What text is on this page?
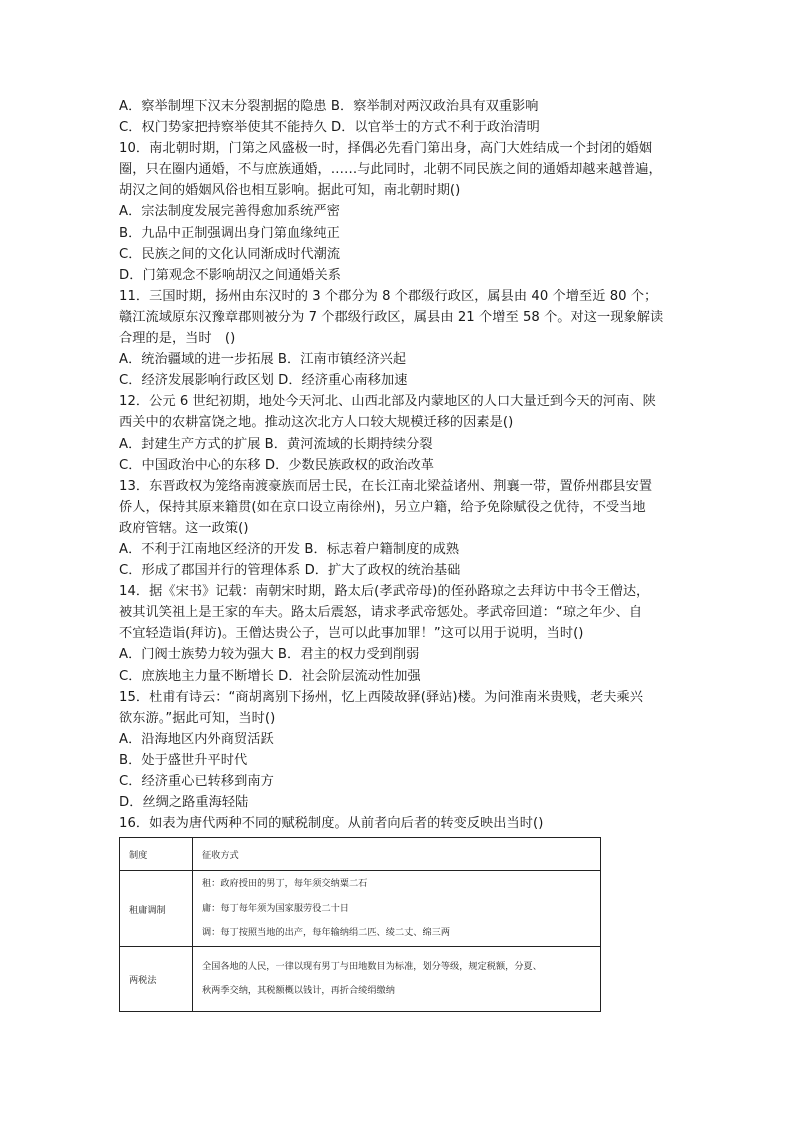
A．察举制埋下汉末分裂割据的隐患 B．察举制对两汉政治具有双重影响
C．权门势家把持察举使其不能持久 D．以官举士的方式不利于政治清明
10．南北朝时期，门第之风盛极一时，择偶必先看门第出身，高门大姓结成一个封闭的婚姻
圈，只在圈内通婚，不与庶族通婚，……与此同时，北朝不同民族之间的通婚却越来越普遍，
胡汉之间的婚姻风俗也相互影响。据此可知，南北朝时期()
A．宗法制度发展完善得愈加系统严密
B．九品中正制强调出身门第血缘纯正
C．民族之间的文化认同渐成时代潮流
D．门第观念不影响胡汉之间通婚关系
11．三国时期，扬州由东汉时的 3 个郡分为 8 个郡级行政区，属县由 40 个增至近 80 个；
赣江流域原东汉豫章郡则被分为 7 个郡级行政区，属县由 21 个增至 58 个。对这一现象解读
合理的是，当时　()
A．统治疆域的进一步拓展 B．江南市镇经济兴起
C．经济发展影响行政区划 D．经济重心南移加速
12．公元 6 世纪初期，地处今天河北、山西北部及内蒙地区的人口大量迁到今天的河南、陕
西关中的农耕富饶之地。推动这次北方人口较大规模迁移的因素是()
A．封建生产方式的扩展 B．黄河流域的长期持续分裂
C．中国政治中心的东移 D．少数民族政权的政治改革
13．东晋政权为笼络南渡豪族而居士民，在长江南北梁益诸州、荆襄一带，置侨州郡县安置
侨人，保持其原来籍贯(如在京口设立南徐州)，另立户籍，给予免除赋役之优待，不受当地
政府管辖。这一政策()
A．不利于江南地区经济的开发 B．标志着户籍制度的成熟
C．形成了郡国并行的管理体系 D．扩大了政权的统治基础
14．据《宋书》记载：南朝宋时期，路太后(孝武帝母)的侄孙路琼之去拜访中书令王僧达，
被其讥笑祖上是王家的车夫。路太后震怒，请求孝武帝惩处。孝武帝回道：“琼之年少、自
不宜轻造诣(拜访)。王僧达贵公子，岂可以此事加罪！”这可以用于说明，当时()
A．门阀士族势力较为强大 B．君主的权力受到削弱
C．庶族地主力量不断增长 D．社会阶层流动性加强
15．杜甫有诗云：“商胡离别下扬州，忆上西陵故驿(驿站)楼。为问淮南米贵贱，老夫乘兴
欲东游。”据此可知，当时()
A．沿海地区内外商贸活跃
B．处于盛世升平时代
C．经济重心已转移到南方
D．丝绸之路重海轻陆
16．如表为唐代两种不同的赋税制度。从前者向后者的转变反映出当时()
制度	征收方式
租庸调制	租：政府授田的男丁，每年须交纳粟二石
庸：每丁每年须为国家服劳役二十日
调：每丁按照当地的出产，每年输纳绢二匹、绫二丈、绵三两

两税法	全国各地的人民，一律以现有男丁与田地数目为标准，划分等级，规定税额，分夏、
秋两季交纳，其税额概以钱计，再折合绫绢缴纳
